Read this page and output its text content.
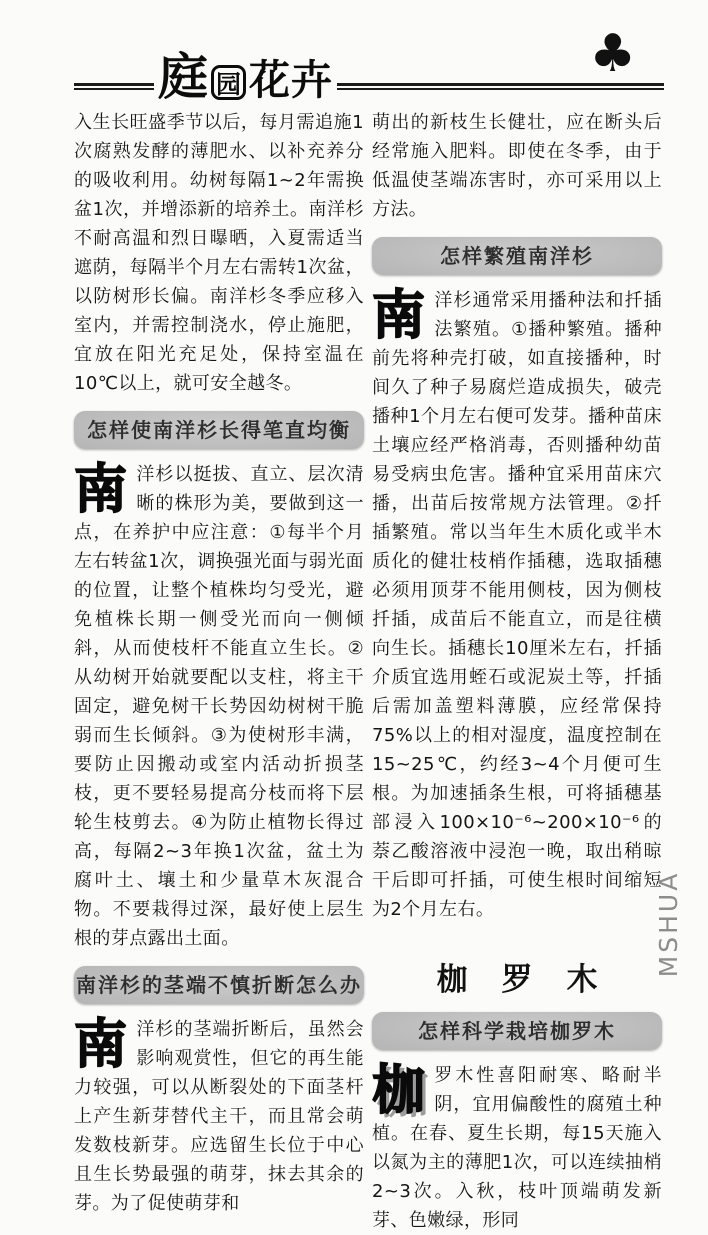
庭 园 花卉	♣

入生长旺盛季节以后，每月需追施1次腐熟发酵的薄肥水、以补充养分的吸收利用。幼树每隔1~2年需换盆1次，并增添新的培养土。南洋杉不耐高温和烈日曝晒，入夏需适当遮荫，每隔半个月左右需转1次盆，以防树形长偏。南洋杉冬季应移入室内，并需控制浇水，停止施肥，宜放在阳光充足处，保持室温在10℃以上，就可安全越冬。

怎样使南洋杉长得笔直均衡

南洋杉以挺拔、直立、层次清晰的株形为美，要做到这一点，在养护中应注意：①每半个月左右转盆1次，调换强光面与弱光面的位置，让整个植株均匀受光，避免植株长期一侧受光而向一侧倾斜，从而使枝杆不能直立生长。②从幼树开始就要配以支柱，将主干固定，避免树干长势因幼树树干脆弱而生长倾斜。③为使树形丰满，要防止因搬动或室内活动折损茎枝，更不要轻易提高分枝而将下层轮生枝剪去。④为防止植物长得过高，每隔2~3年换1次盆，盆土为腐叶土、壤土和少量草木灰混合物。不要栽得过深，最好使上层生根的芽点露出土面。

南洋杉的茎端不慎折断怎么办

南洋杉的茎端折断后，虽然会影响观赏性，但它的再生能力较强，可以从断裂处的下面茎杆上产生新芽替代主干，而且常会萌发数枝新芽。应选留生长位于中心且生长势最强的萌芽，抹去其余的芽。为了促使萌芽和

萌出的新枝生长健壮，应在断头后经常施入肥料。即使在冬季，由于低温使茎端冻害时，亦可采用以上方法。

怎样繁殖南洋杉

南洋杉通常采用播种法和扦插法繁殖。①播种繁殖。播种前先将种壳打破，如直接播种，时间久了种子易腐烂造成损失，破壳播种1个月左右便可发芽。播种苗床土壤应经严格消毒，否则播种幼苗易受病虫危害。播种宜采用苗床穴播，出苗后按常规方法管理。②扦插繁殖。常以当年生木质化或半木质化的健壮枝梢作插穗，选取插穗必须用顶芽不能用侧枝，因为侧枝扦插，成苗后不能直立，而是往横向生长。插穗长10厘米左右，扦插介质宜选用蛭石或泥炭土等，扦插后需加盖塑料薄膜，应经常保持75%以上的相对湿度，温度控制在15~25℃，约经3~4个月便可生根。为加速插条生根，可将插穗基部浸入100×10⁻⁶~200×10⁻⁶的萘乙酸溶液中浸泡一晚，取出稍晾干后即可扦插，可使生根时间缩短为2个月左右。

枷罗木
怎样科学栽培枷罗木

枷罗木性喜阳耐寒、略耐半阴，宜用偏酸性的腐殖土种植。在春、夏生长期，每15天施入以氮为主的薄肥1次，可以连续抽梢2~3次。入秋，枝叶顶端萌发新芽、色嫩绿，形同

MSHUA
